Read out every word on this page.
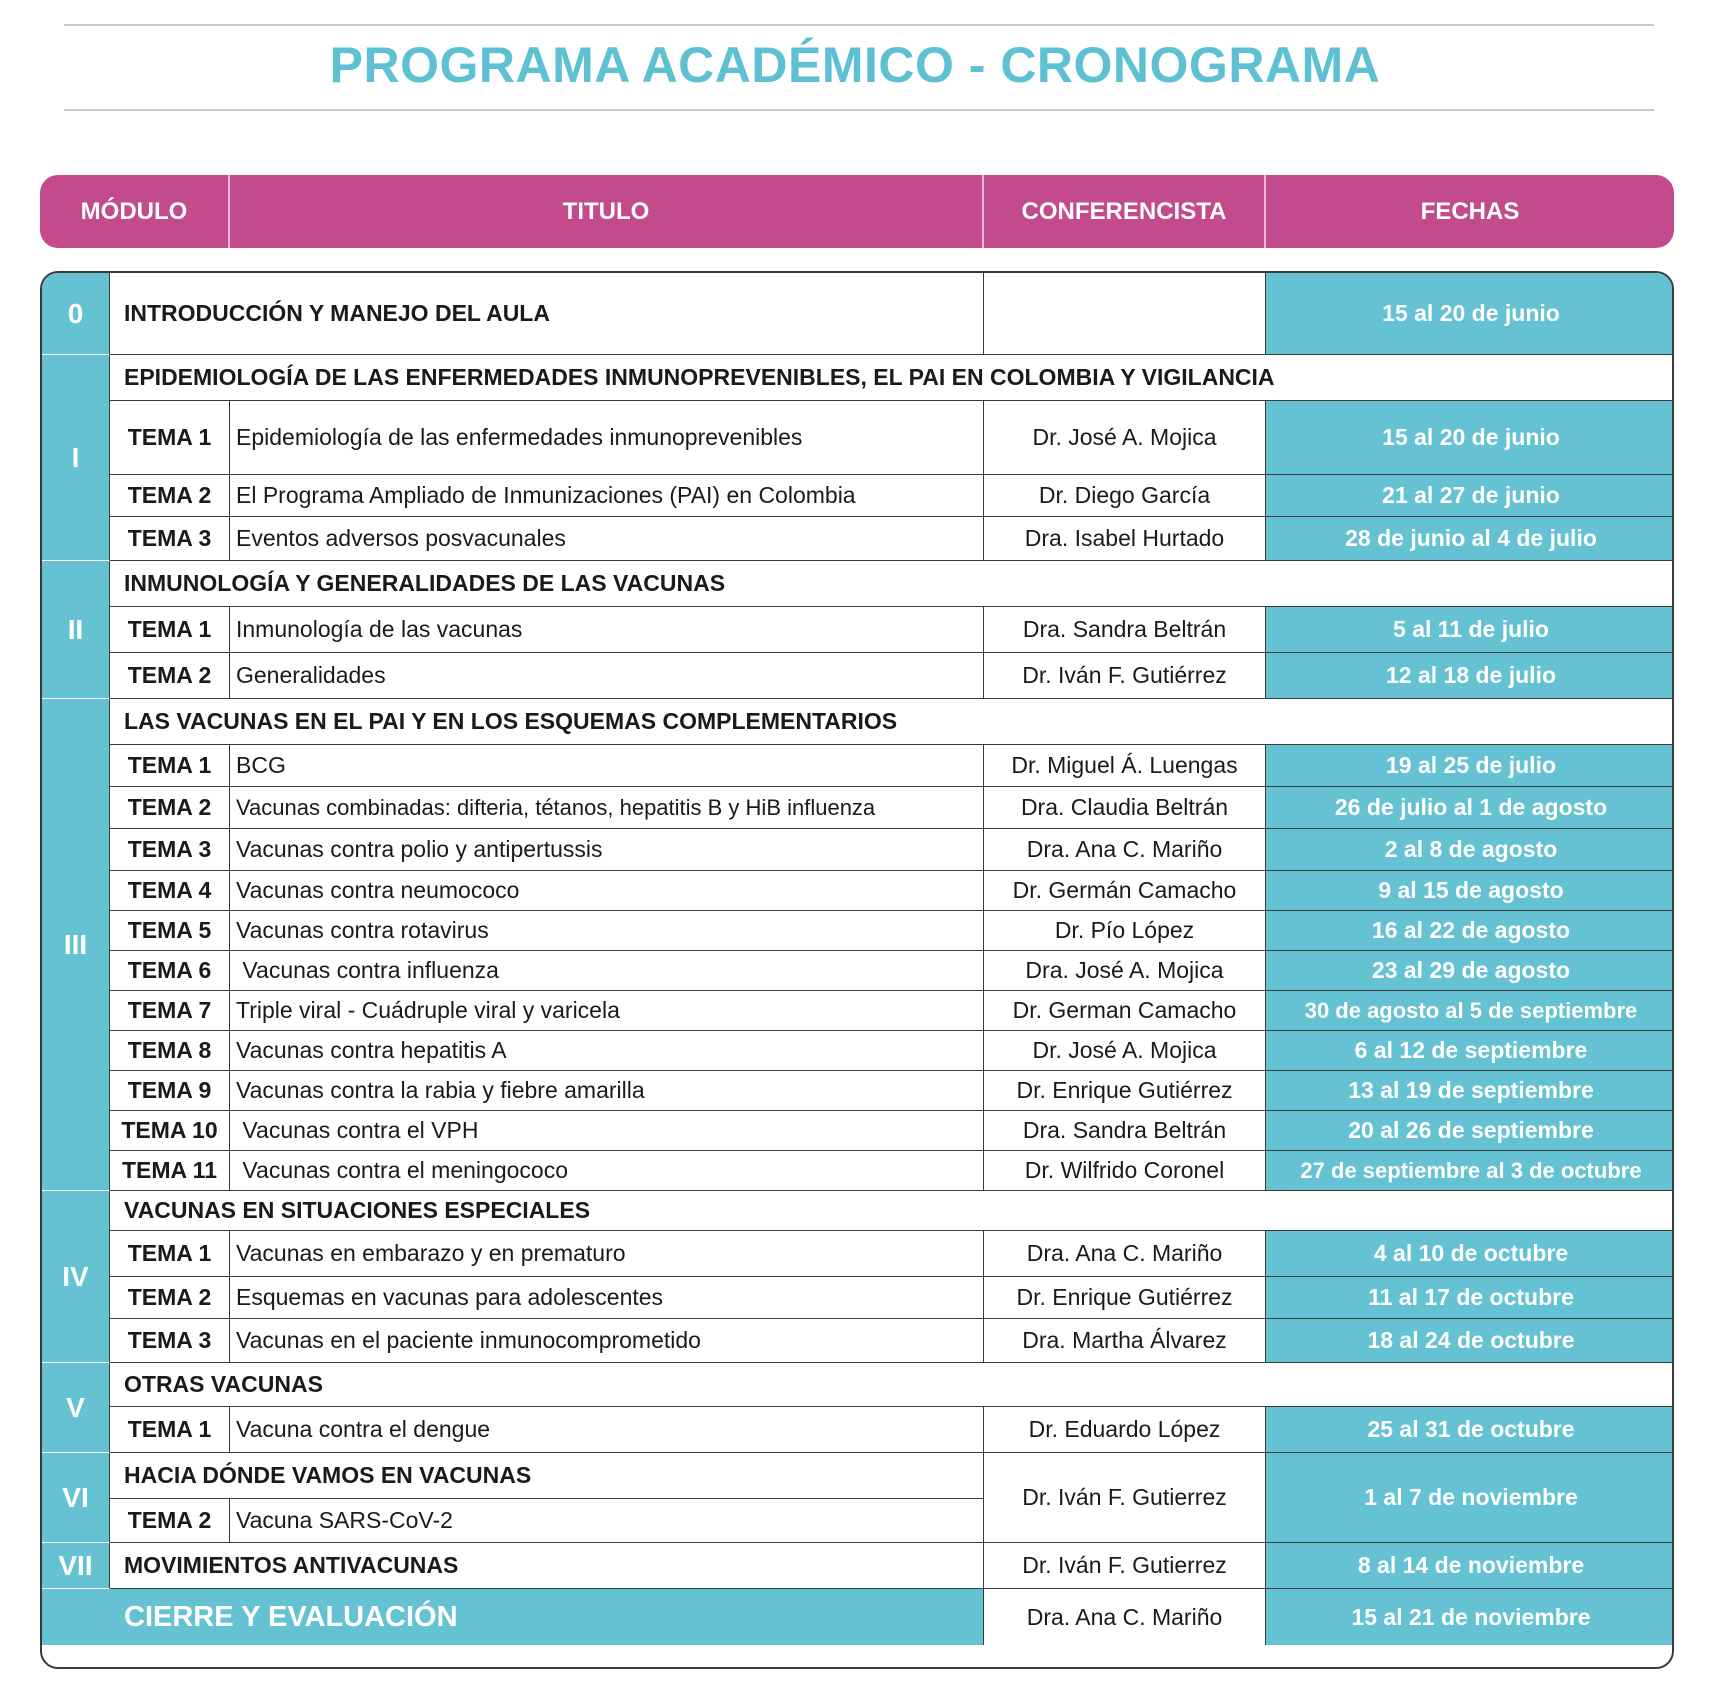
PROGRAMA ACADÉMICO - CRONOGRAMA
MÓDULO	TITULO	CONFERENCISTA	FECHAS
0	INTRODUCCIÓN Y MANEJO DEL AULA	15 al 20 de junio
I
EPIDEMIOLOGÍA DE LAS ENFERMEDADES INMUNOPREVENIBLES, EL PAI EN COLOMBIA Y VIGILANCIA
TEMA 1	Epidemiología de las enfermedades inmunoprevenibles	Dr. José A. Mojica	15 al 20 de junio
TEMA 2	El Programa Ampliado de Inmunizaciones (PAI) en Colombia	Dr. Diego García	21 al 27 de junio
TEMA 3	Eventos adversos posvacunales	Dra. Isabel Hurtado	28 de junio al 4 de julio
II
INMUNOLOGÍA Y GENERALIDADES DE LAS VACUNAS
TEMA 1	Inmunología de las vacunas	Dra. Sandra Beltrán	5 al 11 de julio
TEMA 2	Generalidades	Dr. Iván F. Gutiérrez	12 al 18 de julio
III
LAS VACUNAS EN EL PAI Y EN LOS ESQUEMAS COMPLEMENTARIOS
TEMA 1	BCG	Dr. Miguel Á. Luengas	19 al 25 de julio
TEMA 2	Vacunas combinadas: difteria, tétanos, hepatitis B y HiB influenza	Dra. Claudia Beltrán	26 de julio al 1 de agosto
TEMA 3	Vacunas contra polio y antipertussis	Dra. Ana C. Mariño	2 al 8 de agosto
TEMA 4	Vacunas contra neumococo	Dr. Germán Camacho	9 al 15 de agosto
TEMA 5	Vacunas contra rotavirus	Dr. Pío López	16 al 22 de agosto
TEMA 6	Vacunas contra influenza	Dra. José A. Mojica	23 al 29 de agosto
TEMA 7	Triple viral - Cuádruple viral y varicela	Dr. German Camacho	30 de agosto al 5 de septiembre
TEMA 8	Vacunas contra hepatitis A	Dr. José A. Mojica	6 al 12 de septiembre
TEMA 9	Vacunas contra la rabia y fiebre amarilla	Dr. Enrique Gutiérrez	13 al 19 de septiembre
TEMA 10 Vacunas contra el VPH	Dra. Sandra Beltrán	20 al 26 de septiembre
TEMA 11 Vacunas contra el meningococo	Dr. Wilfrido Coronel	27 de septiembre al 3 de octubre
IV
VACUNAS EN SITUACIONES ESPECIALES
TEMA 1	Vacunas en embarazo y en prematuro	Dra. Ana C. Mariño	4 al 10 de octubre
TEMA 2	Esquemas en vacunas para adolescentes	Dr. Enrique Gutiérrez	11 al 17 de octubre
TEMA 3	Vacunas en el paciente inmunocomprometido	Dra. Martha Álvarez	18 al 24 de octubre
V
OTRAS VACUNAS
TEMA 1	Vacuna contra el dengue	Dr. Eduardo López	25 al 31 de octubre
VI
HACIA DÓNDE VAMOS EN VACUNAS
TEMA 2	Vacuna SARS-CoV-2
Dr. Iván F. Gutierrez	1 al 7 de noviembre
VII	MOVIMIENTOS ANTIVACUNAS	Dr. Iván F. Gutierrez	8 al 14 de noviembre
CIERRE Y EVALUACIÓN	Dra. Ana C. Mariño	15 al 21 de noviembre
